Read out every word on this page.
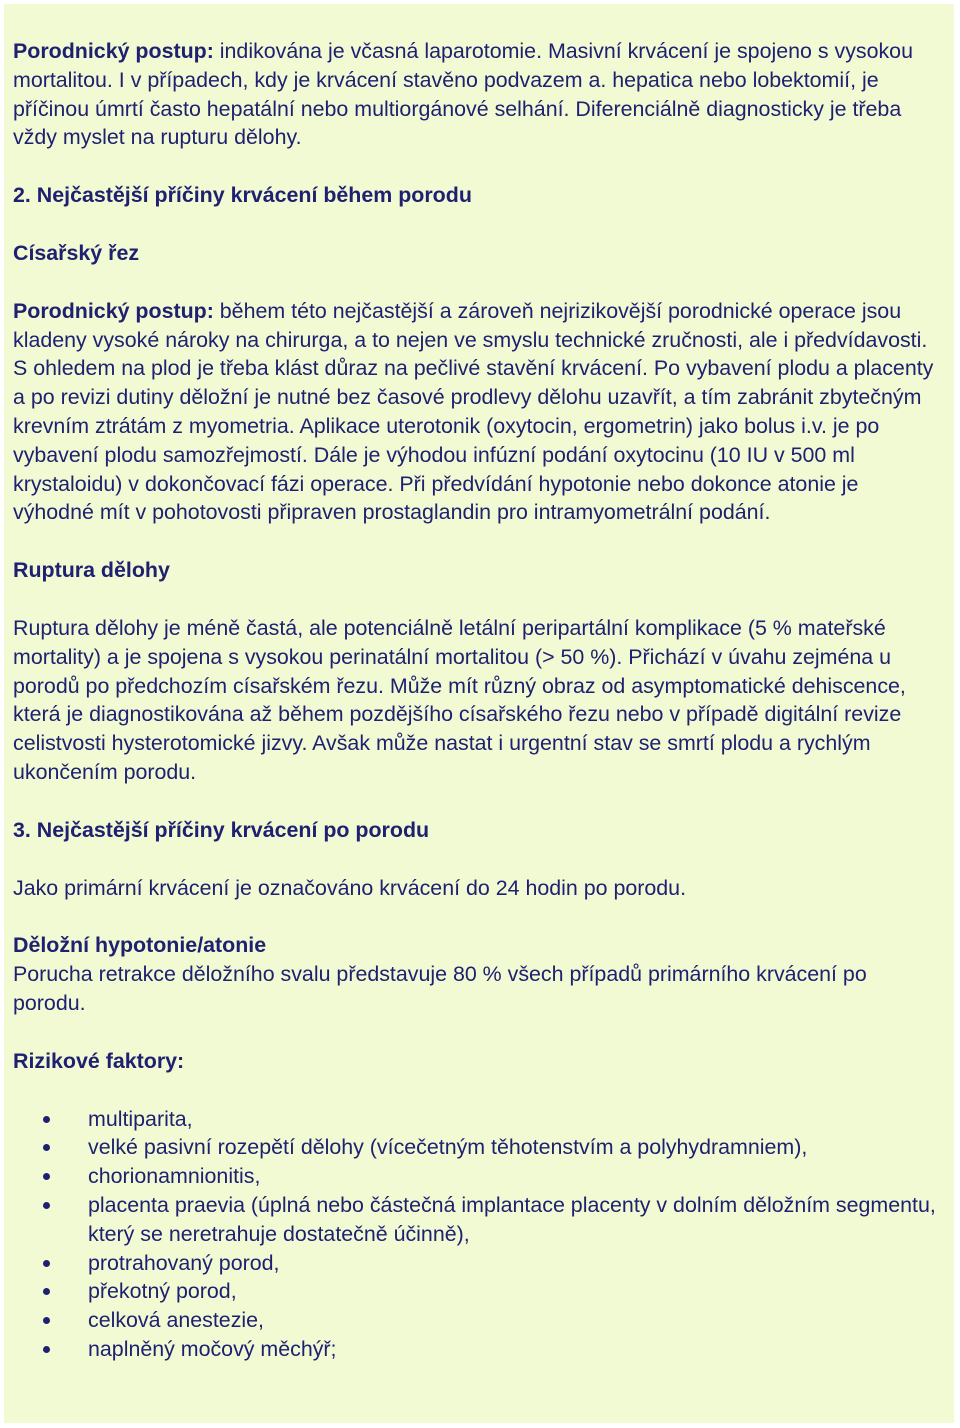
Porodnický postup: indikována je včasná laparotomie. Masivní krvácení je spojeno s vysokou mortalitou. I v případech, kdy je krvácení stavěno podvazem a. hepatica nebo lobektomií, je příčinou úmrtí často hepatální nebo multiorgánové selhání. Diferenciálně diagnosticky je třeba vždy myslet na rupturu dělohy.

2. Nejčastější příčiny krvácení během porodu

Císařský řez

Porodnický postup: během této nejčastější a zároveň nejrizikovější porodnické operace jsou kladeny vysoké nároky na chirurga, a to nejen ve smyslu technické zručnosti, ale i předvídavosti. S ohledem na plod je třeba klást důraz na pečlivé stavění krvácení. Po vybavení plodu a placenty a po revizi dutiny děložní je nutné bez časové prodlevy dělohu uzavřít, a tím zabránit zbytečným krevním ztrátám z myometria. Aplikace uterotonik (oxytocin, ergometrin) jako bolus i.v. je po vybavení plodu samozřejmostí. Dále je výhodou infúzní podání oxytocinu (10 IU v 500 ml krystaloidu) v dokončovací fázi operace. Při předvídání hypotonie nebo dokonce atonie je výhodné mít v pohotovosti připraven prostaglandin pro intramyometrální podání.

Ruptura dělohy

Ruptura dělohy je méně častá, ale potenciálně letální peripartální komplikace (5 % mateřské mortality) a je spojena s vysokou perinatální mortalitou (> 50 %). Přichází v úvahu zejména u porodů po předchozím císařském řezu. Může mít různý obraz od asymptomatické dehiscence, která je diagnostikována až během pozdějšího císařského řezu nebo v případě digitální revize celistvosti hysterotomické jizvy. Avšak může nastat i urgentní stav se smrtí plodu a rychlým ukončením porodu.

3. Nejčastější příčiny krvácení po porodu

Jako primární krvácení je označováno krvácení do 24 hodin po porodu.

Děložní hypotonie/atonie

Porucha retrakce děložního svalu představuje 80 % všech případů primárního krvácení po porodu.

Rizikové faktory:

multiparita,
velké pasivní rozepětí dělohy (vícečetným těhotenstvím a polyhydramniem),
chorionamnionitis,
placenta praevia (úplná nebo částečná implantace placenty v dolním děložním segmentu, který se neretrahuje dostatečně účinně),
protrahovaný porod,
překotný porod,
celková anestezie,
naplněný močový měchýř;
